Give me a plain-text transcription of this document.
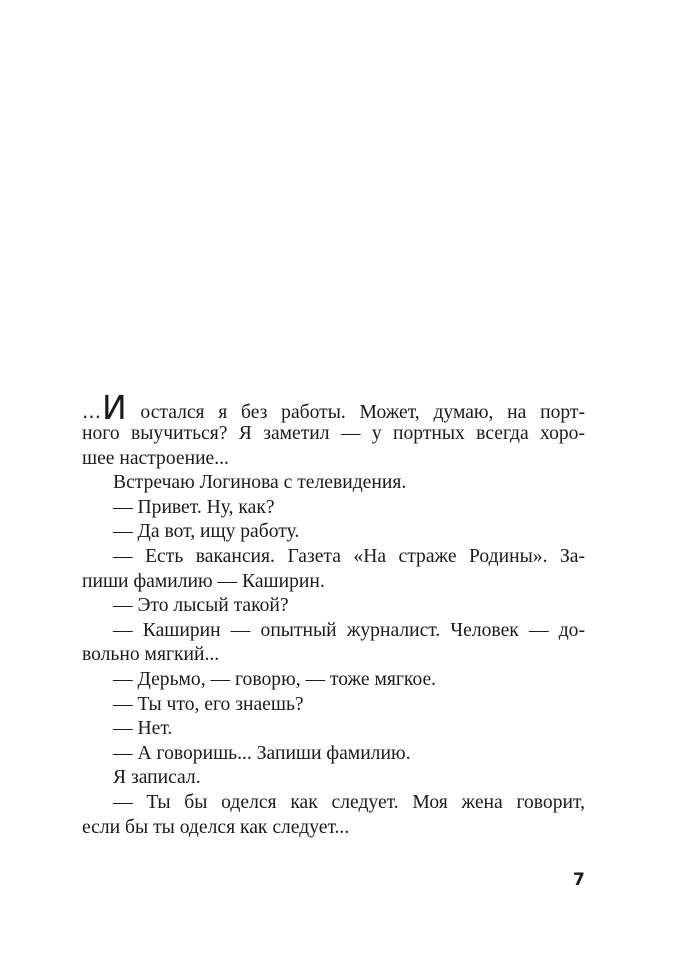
…И остался я без работы. Может, думаю, на порт-
ного выучиться? Я заметил — у портных всегда хоро-
шее настроение...
Встречаю Логинова с телевидения.
— Привет. Ну, как?
— Да вот, ищу работу.
— Есть вакансия. Газета «На страже Родины». За-
пиши фамилию — Каширин.
— Это лысый такой?
— Каширин — опытный журналист. Человек — до-
вольно мягкий...
— Дерьмо, — говорю, — тоже мягкое.
— Ты что, его знаешь?
— Нет.
— А говоришь... Запиши фамилию.
Я записал.
— Ты бы оделся как следует. Моя жена говорит,
если бы ты оделся как следует...
7
